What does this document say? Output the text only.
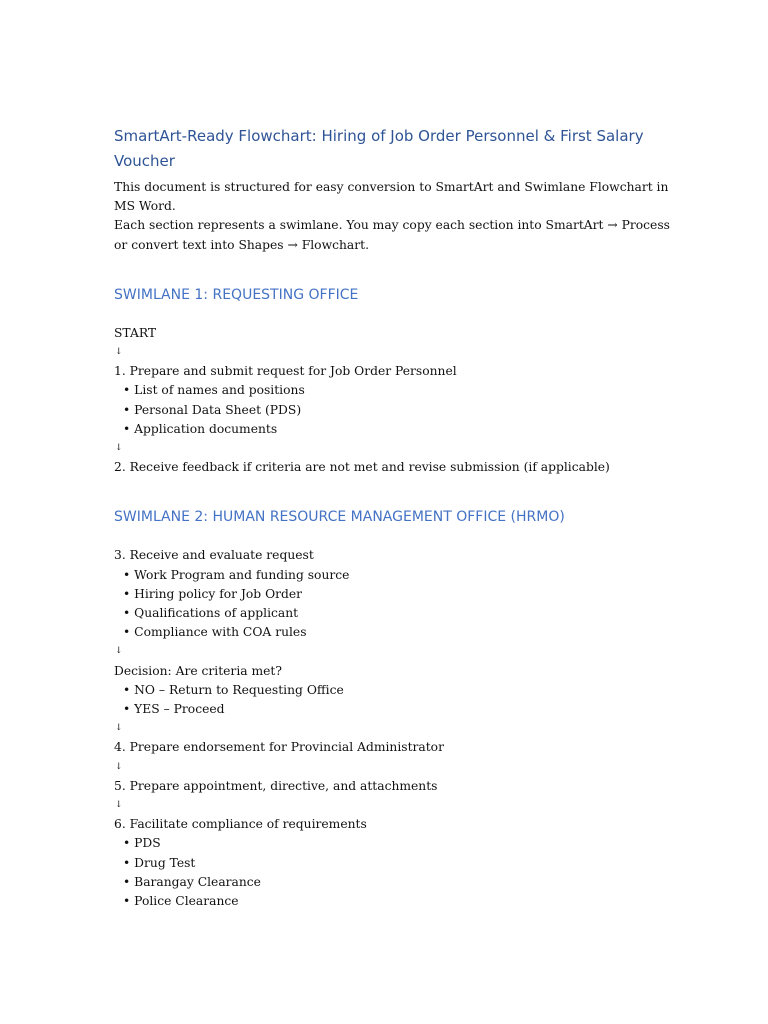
SmartArt-Ready Flowchart: Hiring of Job Order Personnel & First Salary Voucher

This document is structured for easy conversion to SmartArt and Swimlane Flowchart in MS Word.

Each section represents a swimlane. You may copy each section into SmartArt → Process or convert text into Shapes → Flowchart.

SWIMLANE 1: REQUESTING OFFICE
START
↓
1. Prepare and submit request for Job Order Personnel
• List of names and positions
• Personal Data Sheet (PDS)
• Application documents
↓
2. Receive feedback if criteria are not met and revise submission (if applicable)
SWIMLANE 2: HUMAN RESOURCE MANAGEMENT OFFICE (HRMO)
3. Receive and evaluate request
• Work Program and funding source
• Hiring policy for Job Order
• Qualifications of applicant
• Compliance with COA rules
↓
Decision: Are criteria met?
• NO – Return to Requesting Office
• YES – Proceed
↓
4. Prepare endorsement for Provincial Administrator
↓
5. Prepare appointment, directive, and attachments
↓
6. Facilitate compliance of requirements
• PDS
• Drug Test
• Barangay Clearance
• Police Clearance
